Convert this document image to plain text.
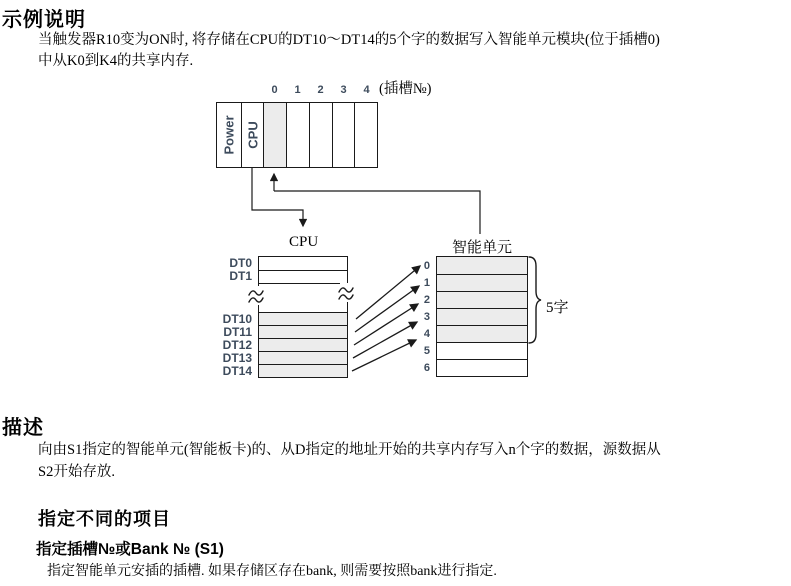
示例说明
当触发器R10变为ON时, 将存储在CPU的DT10～DT14的5个字的数据写入智能单元模块(位于插槽0)
中从K0到K4的共享内存.
(插槽№)
0	1	2	3	4
Power CPU
CPU	智能单元
DT0
DT1
DT10
DT11
DT12
DT13
DT14
0
1
2
3
4
5
6
5字
描述
向由S1指定的智能单元(智能板卡)的、从D指定的地址开始的共享内存写入n个字的数据，源数据从
S2开始存放.
指定不同的项目
指定插槽№或Bank № (S1)
指定智能单元安插的插槽. 如果存储区存在bank, 则需要按照bank进行指定.
